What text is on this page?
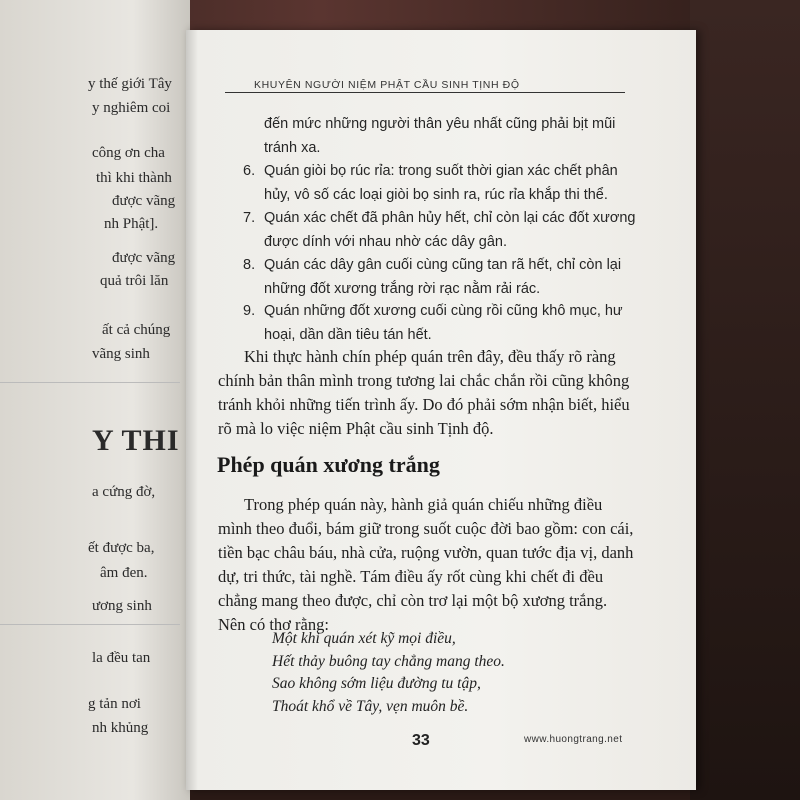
y thế giới Tây
y nghiêm coi
công ơn cha
thì khi thành
được vãng
nh Phật].
được vãng
quả trôi lăn
ất cả chúng
vãng sinh
Y THI
a cứng đờ,
ết được ba,
âm đen.
ương sinh
la đều tan
g tản nơi
nh khủng
KHUYÊN NGƯỜI NIỆM PHẬT CẦU SINH TỊNH ĐỘ
đến mức những người thân yêu nhất cũng phải bịt mũi tránh xa.
6. Quán giòi bọ rúc rỉa: trong suốt thời gian xác chết phân hủy, vô số các loại giòi bọ sinh ra, rúc rỉa khắp thi thể.
7. Quán xác chết đã phân hủy hết, chỉ còn lại các đốt xương được dính với nhau nhờ các dây gân.
8. Quán các dây gân cuối cùng cũng tan rã hết, chỉ còn lại những đốt xương trắng rời rạc nằm rải rác.
9. Quán những đốt xương cuối cùng rồi cũng khô mục, hư hoại, dần dần tiêu tán hết.
Khi thực hành chín phép quán trên đây, đều thấy rõ ràng chính bản thân mình trong tương lai chắc chắn rồi cũng không tránh khỏi những tiến trình ấy. Do đó phải sớm nhận biết, hiểu rõ mà lo việc niệm Phật cầu sinh Tịnh độ.
Phép quán xương trắng
Trong phép quán này, hành giả quán chiếu những điều mình theo đuổi, bám giữ trong suốt cuộc đời bao gồm: con cái, tiền bạc châu báu, nhà cửa, ruộng vườn, quan tước địa vị, danh dự, tri thức, tài nghề. Tám điều ấy rốt cùng khi chết đi đều chẳng mang theo được, chỉ còn trơ lại một bộ xương trắng. Nên có thơ rằng:
Một khi quán xét kỹ mọi điều,
Hết thảy buông tay chẳng mang theo.
Sao không sớm liệu đường tu tập,
Thoát khổ về Tây, vẹn muôn bề.
33	www.huongtrang.net
